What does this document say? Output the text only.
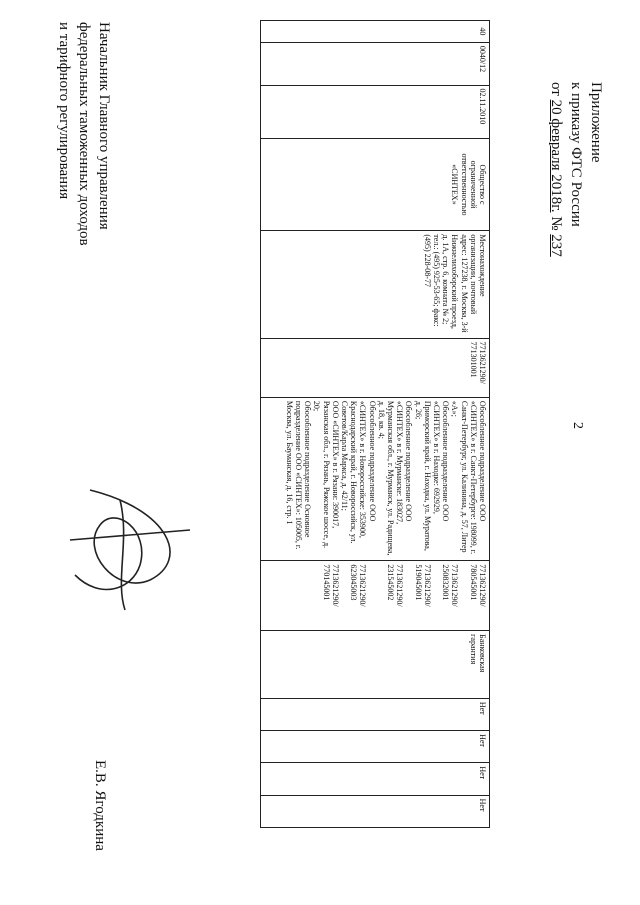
2
Приложение
к приказу ФТС России
от 20 февраля 2018г. № 237
40	0040/12	02.11.2010	Общество с ограниченной ответственностью «СИНТЕХ»	Местонахождение организации, почтовый адрес: 127238, г. Москва, 3-й Нижнелихоборский проезд, д. 1А, стр. 6, комната № 2; тел.: (495) 925-53-65; факс: (495) 228-08-77	7713621290/ 771301001	Обособленное подразделение ООО «СИНТЕХ» в г. Санкт-Петербурге: 198099, г. Санкт-Петербург, ул. Калинина, д. 57, Литер «А»;
Обособленное подразделение ООО «СИНТЕХ» в г. Находке: 692929, Приморский край, г. Находка, ул. Муратова, д. 26;
Обособленное подразделение ООО «СИНТЕХ» в г. Мурманске: 183027, Мурманская обл., г. Мурманск, ул. Радищева, д. 18, кв. 4;
Обособленное подразделение ООО «СИНТЕХ» в г. Новороссийске: 353900, Краснодарский край, г. Новороссийск, ул. Советов/Карла Маркса, д. 42/11;
ООО «СИНТЕХ» в г. Рязани: 390017, Рязанская обл., г. Рязань, Ряжское шоссе, д. 20;
Обособленное подразделение Основное подразделение ООО «СИНТЕХ»: 105005, г. Москва, ул. Бауманская, д. 16, стр. 1	7713621290/ 780545001

7713621290/ 250832001

7713621290/ 519045001

7713621290/ 231545002

7713621290/ 623045003

7713621290/ 770145001	Банковская гарантия	Нет	Нет	Нет	Нет
Начальник Главного управления
федеральных таможенных доходов
и тарифного регулирования
Е.В. Ягодкина
